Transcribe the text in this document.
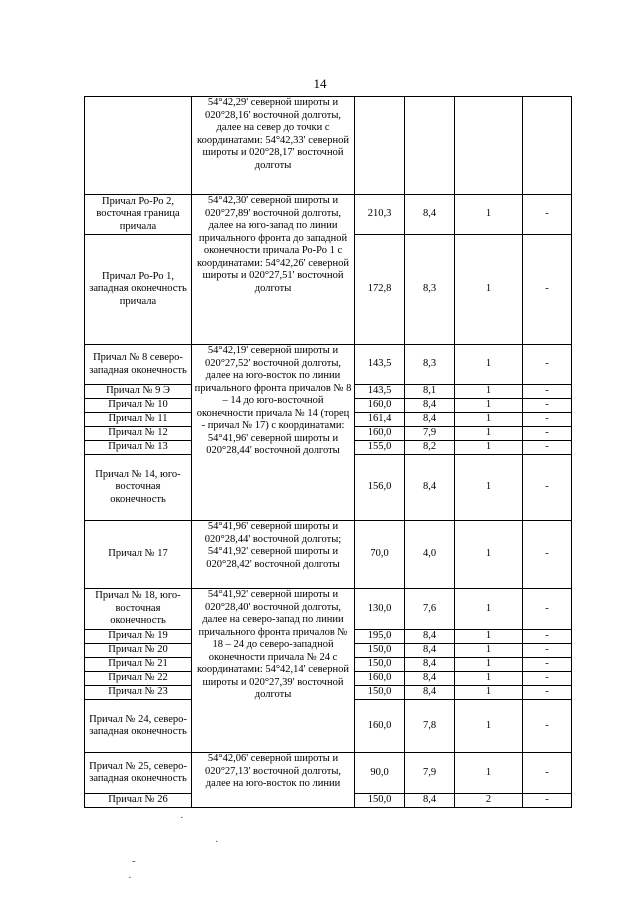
14
	54°42,29' северной широты и 020°28,16' восточной долготы, далее на север до точки с координатами: 54°42,33' северной широты и 020°28,17' восточной долготы				
Причал Ро-Ро 2, восточная граница причала	54°42,30' северной широты и 020°27,89' восточной долготы, далее на юго-запад по линии причального фронта до западной оконечности причала Ро-Ро 1 с координатами: 54°42,26' северной широты и 020°27,51' восточной долготы	210,3	8,4	1	-
Причал Ро-Ро 1, западная оконечность причала		172,8	8,3	1	-
Причал № 8 северо-западная оконечность	54°42,19' северной широты и 020°27,52' восточной долготы, далее на юго-восток по линии причального фронта причалов № 8 – 14 до юго-восточной оконечности причала № 14 (торец - причал № 17) с координатами: 54°41,96' северной широты и 020°28,44' восточной долготы	143,5	8,3	1	-
Причал № 9 Э		143,5	8,1	1	-
Причал № 10		160,0	8,4	1	-
Причал № 11		161,4	8,4	1	-
Причал № 12		160,0	7,9	1	-
Причал № 13		155,0	8,2	1	-
Причал № 14, юго-восточная оконечность		156,0	8,4	1	-
Причал № 17	54°41,96' северной широты и 020°28,44' восточной долготы; 54°41,92' северной широты и 020°28,42' восточной долготы	70,0	4,0	1	-
Причал № 18, юго-восточная оконечность	54°41,92' северной широты и 020°28,40' восточной долготы, далее на северо-запад по линии причального фронта причалов № 18 – 24 до северо-западной оконечности причала № 24 с координатами: 54°42,14' северной широты и 020°27,39' восточной долготы	130,0	7,6	1	-
Причал № 19		195,0	8,4	1	-
Причал № 20		150,0	8,4	1	-
Причал № 21		150,0	8,4	1	-
Причал № 22		160,0	8,4	1	-
Причал № 23		150,0	8,4	1	-
Причал № 24, северо-западная оконечность		160,0	7,8	1	-
Причал № 25, северо-западная оконечность	54°42,06' северной широты и 020°27,13' восточной долготы, далее на юго-восток по линии	90,0	7,9	1	-
Причал № 26		150,0	8,4	2	-
·
·
-
·
